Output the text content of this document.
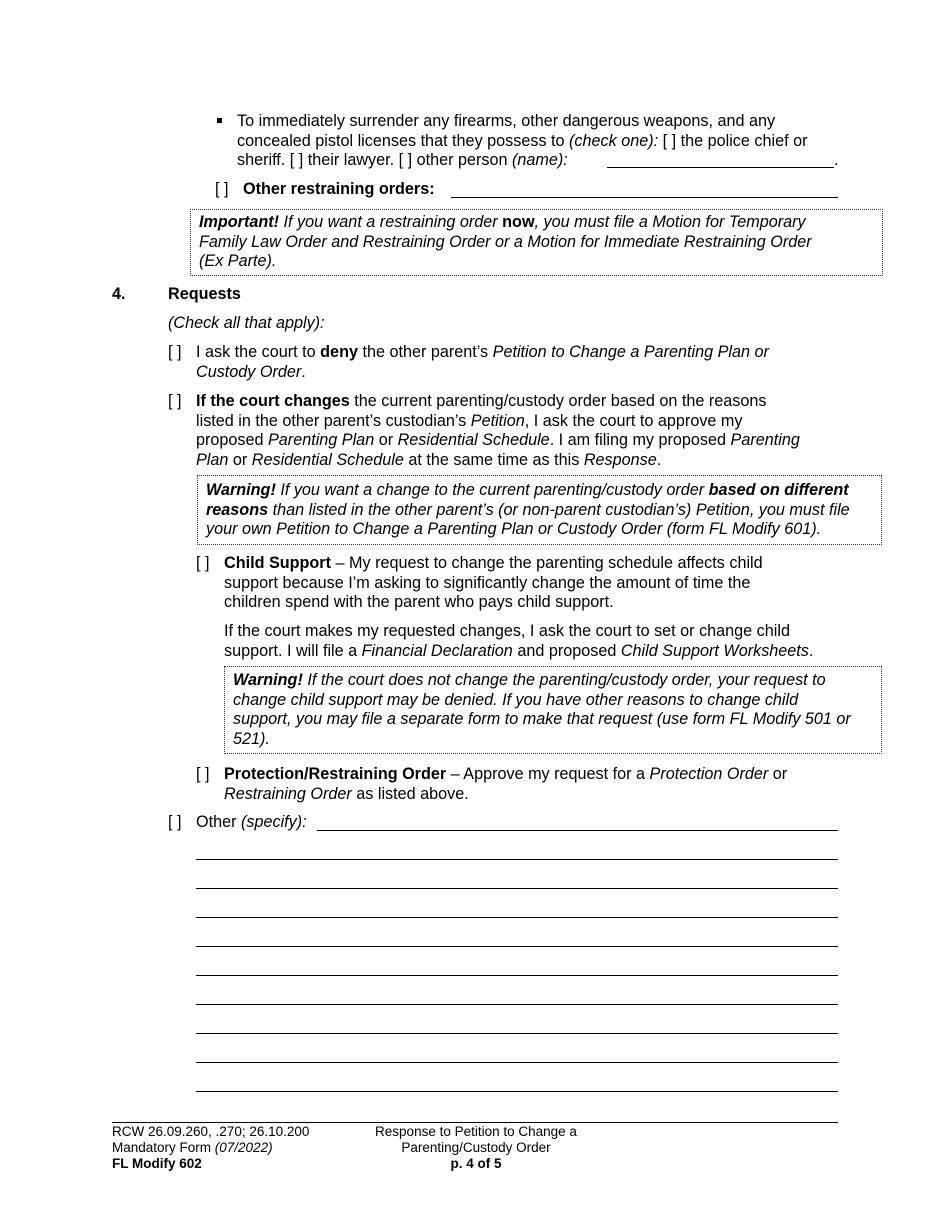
To immediately surrender any firearms, other dangerous weapons, and any
concealed pistol licenses that they possess to (check one): [ ] the police chief or
sheriff. [ ] their lawyer. [ ] other person (name):	.
[ ] Other restraining orders:
Important! If you want a restraining order now, you must file a Motion for Temporary
Family Law Order and Restraining Order or a Motion for Immediate Restraining Order
(Ex Parte).
4.	Requests
(Check all that apply):
[ ] I ask the court to deny the other parent’s Petition to Change a Parenting Plan or
Custody Order.
[ ] If the court changes the current parenting/custody order based on the reasons
listed in the other parent’s custodian’s Petition, I ask the court to approve my
proposed Parenting Plan or Residential Schedule. I am filing my proposed Parenting
Plan or Residential Schedule at the same time as this Response.
Warning! If you want a change to the current parenting/custody order based on different
reasons than listed in the other parent’s (or non-parent custodian’s) Petition, you must file
your own Petition to Change a Parenting Plan or Custody Order (form FL Modify 601).
[ ] Child Support – My request to change the parenting schedule affects child
support because I’m asking to significantly change the amount of time the
children spend with the parent who pays child support.
If the court makes my requested changes, I ask the court to set or change child
support. I will file a Financial Declaration and proposed Child Support Worksheets.
Warning! If the court does not change the parenting/custody order, your request to
change child support may be denied. If you have other reasons to change child
support, you may file a separate form to make that request (use form FL Modify 501 or
521).
[ ] Protection/Restraining Order – Approve my request for a Protection Order or
Restraining Order as listed above.
[ ] Other (specify):
RCW 26.09.260, .270; 26.10.200
Mandatory Form (07/2022)
FL Modify 602
Response to Petition to Change a
Parenting/Custody Order
p. 4 of 5
